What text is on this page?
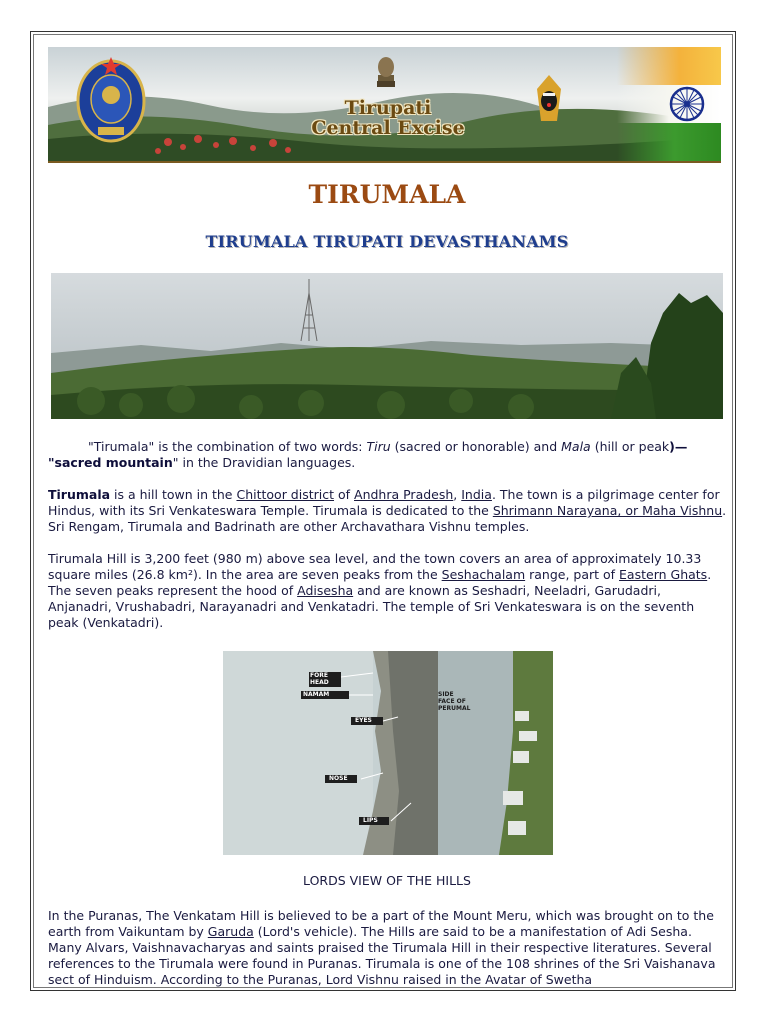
Tirupati
Central Excise
TIRUMALA
TIRUMALA TIRUPATI DEVASTHANAMS
"Tirumala" is the combination of two words: Tiru (sacred or honorable) and Mala (hill or peak)—
"sacred mountain" in the Dravidian languages.
Tirumala is a hill town in the Chittoor district of Andhra Pradesh, India. The town is a pilgrimage center for Hindus, with its Sri Venkateswara Temple. Tirumala is dedicated to the Shrimann Narayana, or Maha Vishnu. Sri Rengam, Tirumala and Badrinath are other Archavathara Vishnu temples.
Tirumala Hill is 3,200 feet (980 m) above sea level, and the town covers an area of approximately 10.33 square miles (26.8 km²). In the area are seven peaks from the Seshachalam range, part of Eastern Ghats. The seven peaks represent the hood of Adisesha and are known as Seshadri, Neeladri, Garudadri, Anjanadri, Vrushabadri, Narayanadri and Venkatadri. The temple of Sri Venkateswara is on the seventh peak (Venkatadri).
FORE
HEAD
NAMAM	SIDE
FACE OF
PERUMAL
EYES
NOSE
LIPS
LORDS VIEW OF THE HILLS
In the Puranas, The Venkatam Hill is believed to be a part of the Mount Meru, which was brought on to the earth from Vaikuntam by Garuda (Lord's vehicle). The Hills are said to be a manifestation of Adi Sesha. Many Alvars, Vaishnavacharyas and saints praised the Tirumala Hill in their respective literatures. Several references to the Tirumala were found in Puranas. Tirumala is one of the 108 shrines of the Sri Vaishanava sect of Hinduism. According to the Puranas, Lord Vishnu raised in the Avatar of Swetha
